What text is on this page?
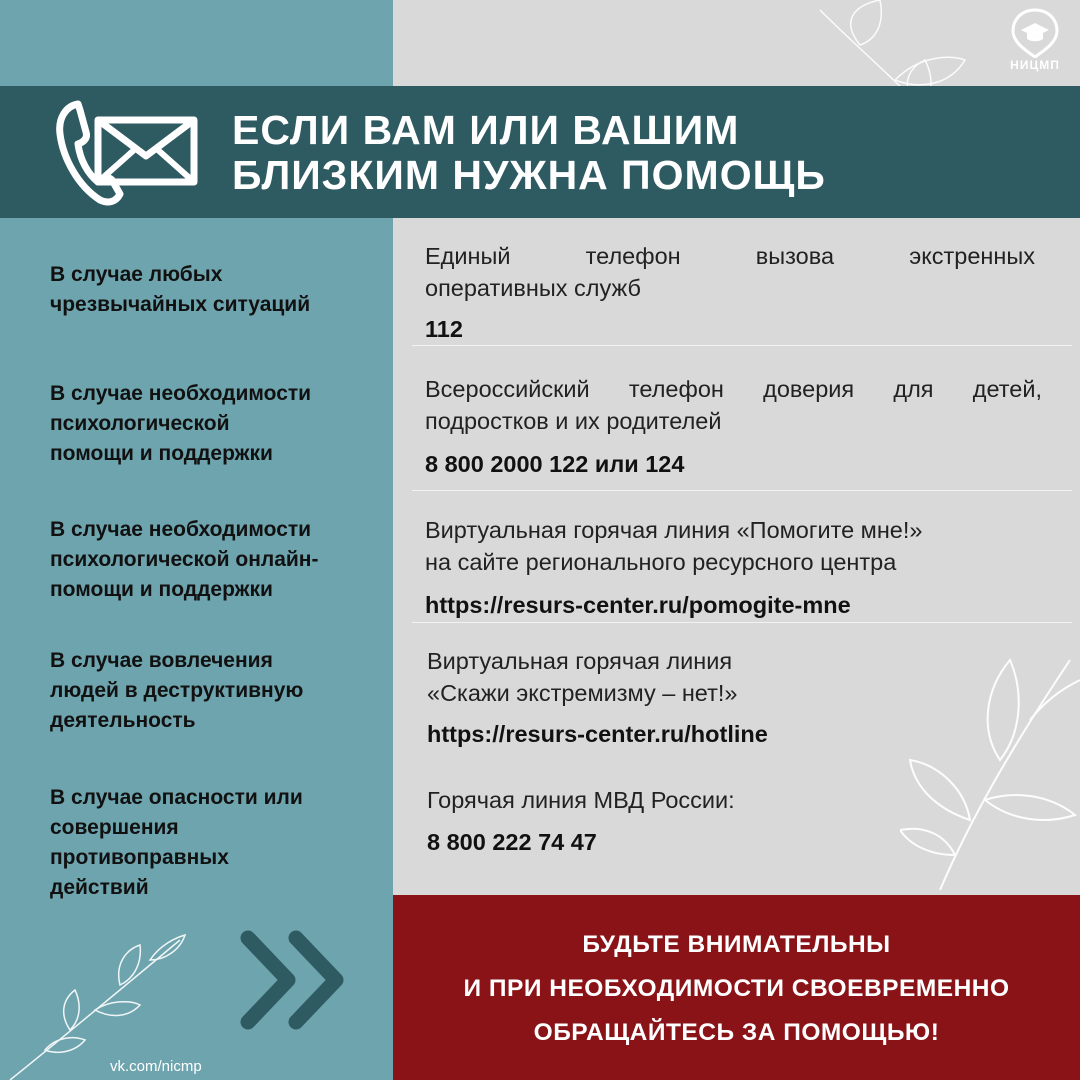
НИЦМП
ЕСЛИ ВАМ ИЛИ ВАШИМ
БЛИЗКИМ НУЖНА ПОМОЩЬ
В случае любых
чрезвычайных ситуаций
Единый телефон вызова экстренных
оперативных служб
112
В случае необходимости
психологической
помощи и поддержки
Всероссийский телефон доверия для детей,
подростков и их родителей
8 800 2000 122 или 124
В случае необходимости
психологической онлайн-
помощи и поддержки
Виртуальная горячая линия «Помогите мне!»
на сайте регионального ресурсного центра
https://resurs-center.ru/pomogite-mne
В случае вовлечения
людей в деструктивную
деятельность
Виртуальная горячая линия
«Скажи экстремизму – нет!»
https://resurs-center.ru/hotline
В случае опасности или
совершения
противоправных
действий
Горячая линия МВД России:
8 800 222 74 47
vk.com/nicmp
БУДЬТЕ ВНИМАТЕЛЬНЫ
И ПРИ НЕОБХОДИМОСТИ СВОЕВРЕМЕННО
ОБРАЩАЙТЕСЬ ЗА ПОМОЩЬЮ!
